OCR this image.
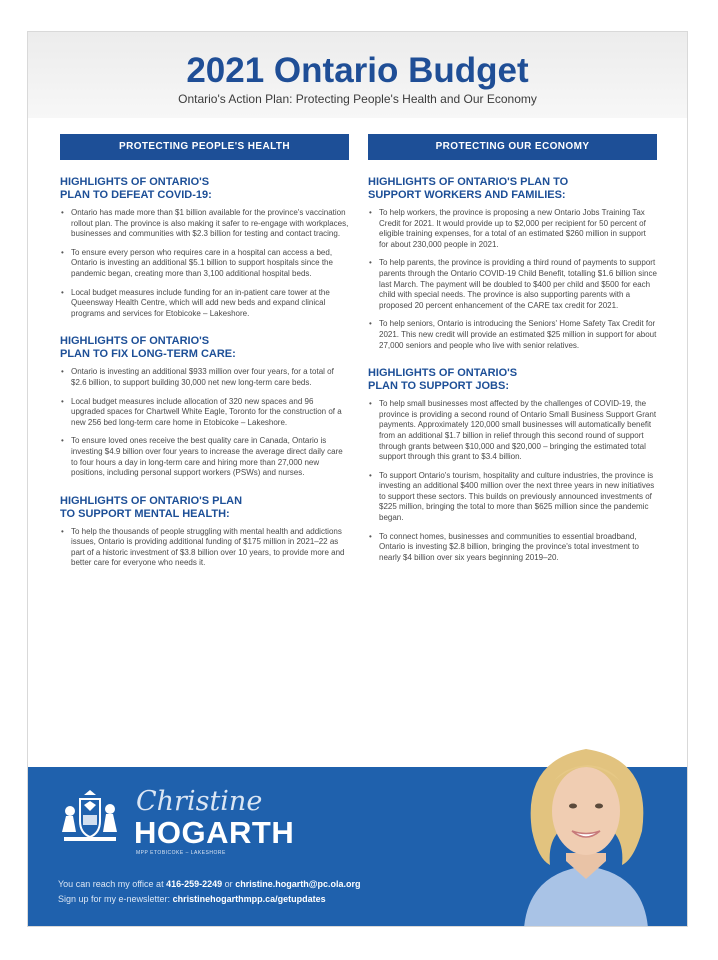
2021 Ontario Budget

Ontario's Action Plan: Protecting People's Health and Our Economy

PROTECTING PEOPLE'S HEALTH
HIGHLIGHTS OF ONTARIO'S
PLAN TO DEFEAT COVID-19:
• Ontario has made more than $1 billion available for the province's vaccination rollout plan. The province is also making it safer to re-engage with workplaces, businesses and communities with $2.3 billion for testing and contact tracing.
• To ensure every person who requires care in a hospital can access a bed, Ontario is investing an additional $5.1 billion to support hospitals since the pandemic began, creating more than 3,100 additional hospital beds.
• Local budget measures include funding for an in-patient care tower at the Queensway Health Centre, which will add new beds and expand clinical programs and services for Etobicoke – Lakeshore.
HIGHLIGHTS OF ONTARIO'S
PLAN TO FIX LONG-TERM CARE:
• Ontario is investing an additional $933 million over four years, for a total of $2.6 billion, to support building 30,000 net new long-term care beds.
• Local budget measures include allocation of 320 new spaces and 96 upgraded spaces for Chartwell White Eagle, Toronto for the construction of a new 256 bed long-term care home in Etobicoke – Lakeshore.
• To ensure loved ones receive the best quality care in Canada, Ontario is investing $4.9 billion over four years to increase the average direct daily care to four hours a day in long-term care and hiring more than 27,000 new positions, including personal support workers (PSWs) and nurses.
HIGHLIGHTS OF ONTARIO'S PLAN
TO SUPPORT MENTAL HEALTH:
• To help the thousands of people struggling with mental health and addictions issues, Ontario is providing additional funding of $175 million in 2021–22 as part of a historic investment of $3.8 billion over 10 years, to provide more and better care for everyone who needs it.
PROTECTING OUR ECONOMY
HIGHLIGHTS OF ONTARIO'S PLAN TO
SUPPORT WORKERS AND FAMILIES:
• To help workers, the province is proposing a new Ontario Jobs Training Tax Credit for 2021. It would provide up to $2,000 per recipient for 50 percent of eligible training expenses, for a total of an estimated $260 million in support for about 230,000 people in 2021.
• To help parents, the province is providing a third round of payments to support parents through the Ontario COVID-19 Child Benefit, totalling $1.6 billion since last March. The payment will be doubled to $400 per child and $500 for each child with special needs. The province is also supporting parents with a proposed 20 percent enhancement of the CARE tax credit for 2021.
• To help seniors, Ontario is introducing the Seniors' Home Safety Tax Credit for 2021. This new credit will provide an estimated $25 million in support for about 27,000 seniors and people who live with senior relatives.
HIGHLIGHTS OF ONTARIO'S
PLAN TO SUPPORT JOBS:
• To help small businesses most affected by the challenges of COVID-19, the province is providing a second round of Ontario Small Business Support Grant payments. Approximately 120,000 small businesses will automatically benefit from an additional $1.7 billion in relief through this second round of support through grants between $10,000 and $20,000 – bringing the estimated total support through this grant to $3.4 billion.
• To support Ontario's tourism, hospitality and culture industries, the province is investing an additional $400 million over the next three years in new initiatives to support these sectors. This builds on previously announced investments of $225 million, bringing the total to more than $625 million since the pandemic began.
• To connect homes, businesses and communities to essential broadband, Ontario is investing $2.8 billion, bringing the province's total investment to nearly $4 billion over six years beginning 2019–20.
Christine
HOGARTH
MPP ETOBICOKE – LAKESHORE
You can reach my office at 416-259-2249 or christine.hogarth@pc.ola.org
Sign up for my e-newsletter: christinehogarthmpp.ca/getupdates
